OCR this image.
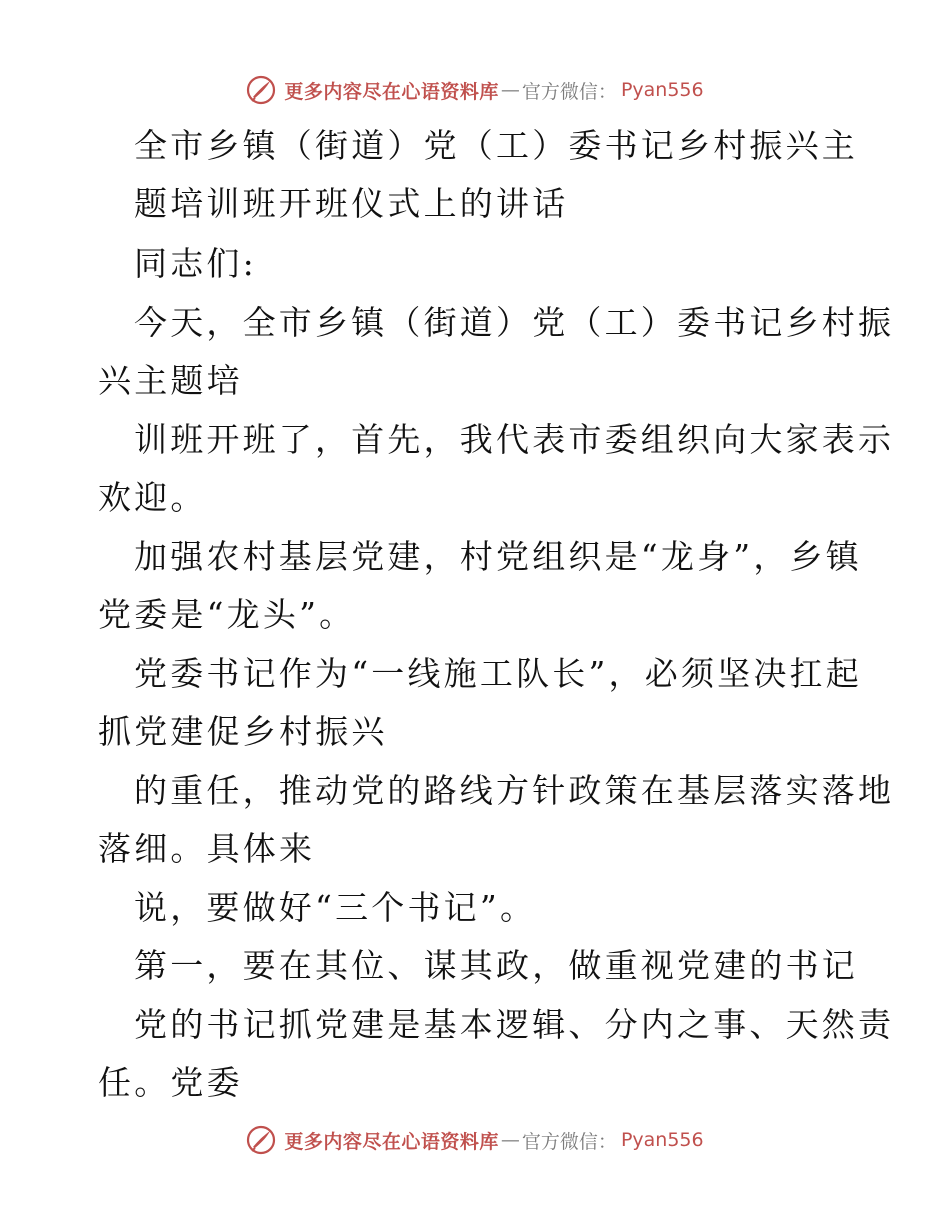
更多内容尽在心语资料库 — 官方微信： Pyan556
全市乡镇（街道）党（工）委书记乡村振兴主
题培训班开班仪式上的讲话
同志们:
今天，全市乡镇（街道）党（工）委书记乡村振
兴主题培
训班开班了，首先，我代表市委组织向大家表示
欢迎。
加强农村基层党建，村党组织是“龙身”，乡镇
党委是“龙头”。
党委书记作为“一线施工队长”，必须坚决扛起
抓党建促乡村振兴
的重任，推动党的路线方针政策在基层落实落地
落细。具体来
说，要做好“三个书记”。
第一，要在其位、谋其政，做重视党建的书记
党的书记抓党建是基本逻辑、分内之事、天然责
任。党委
更多内容尽在心语资料库 — 官方微信： Pyan556
